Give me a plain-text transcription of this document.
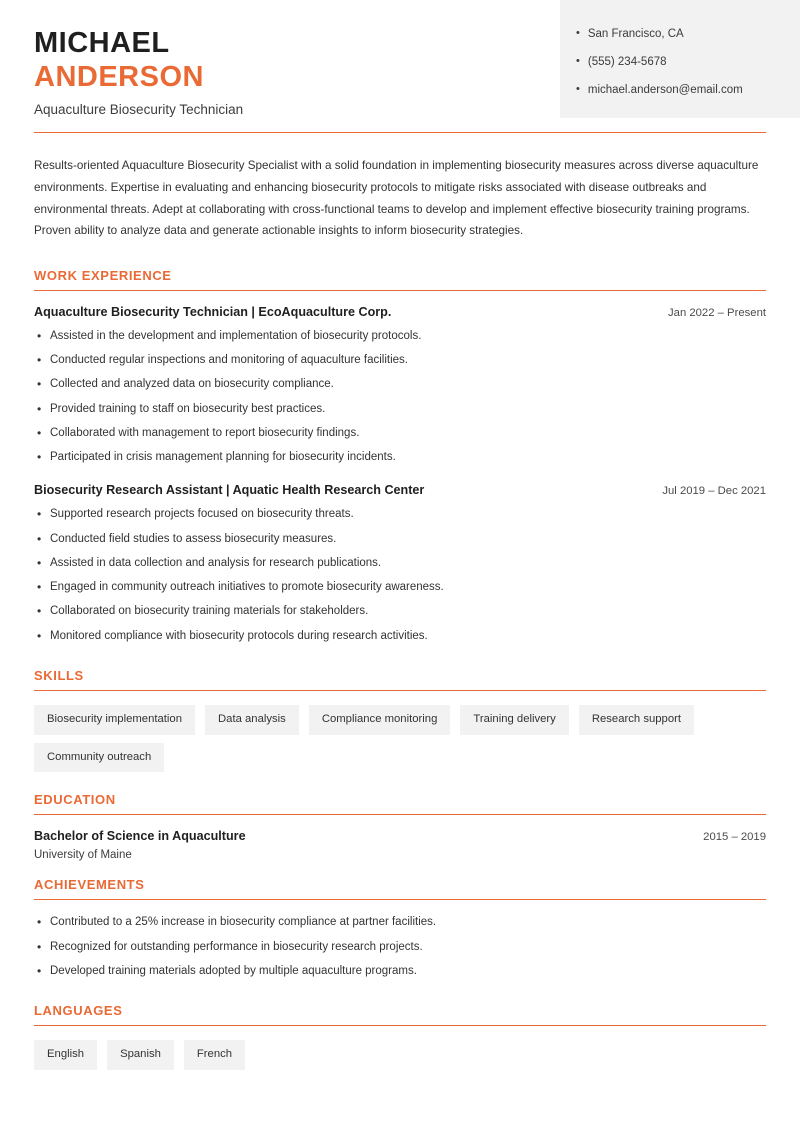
MICHAEL
ANDERSON
Aquaculture Biosecurity Technician
• San Francisco, CA
• (555) 234-5678
• michael.anderson@email.com
Results-oriented Aquaculture Biosecurity Specialist with a solid foundation in implementing biosecurity measures across diverse aquaculture environments. Expertise in evaluating and enhancing biosecurity protocols to mitigate risks associated with disease outbreaks and environmental threats. Adept at collaborating with cross-functional teams to develop and implement effective biosecurity training programs. Proven ability to analyze data and generate actionable insights to inform biosecurity strategies.
WORK EXPERIENCE
Aquaculture Biosecurity Technician | EcoAquaculture Corp.	Jan 2022 – Present
• Assisted in the development and implementation of biosecurity protocols.
• Conducted regular inspections and monitoring of aquaculture facilities.
• Collected and analyzed data on biosecurity compliance.
• Provided training to staff on biosecurity best practices.
• Collaborated with management to report biosecurity findings.
• Participated in crisis management planning for biosecurity incidents.
Biosecurity Research Assistant | Aquatic Health Research Center	Jul 2019 – Dec 2021
• Supported research projects focused on biosecurity threats.
• Conducted field studies to assess biosecurity measures.
• Assisted in data collection and analysis for research publications.
• Engaged in community outreach initiatives to promote biosecurity awareness.
• Collaborated on biosecurity training materials for stakeholders.
• Monitored compliance with biosecurity protocols during research activities.
SKILLS
Biosecurity implementation	Data analysis	Compliance monitoring	Training delivery	Research support
Community outreach
EDUCATION
Bachelor of Science in Aquaculture	2015 – 2019
University of Maine
ACHIEVEMENTS
• Contributed to a 25% increase in biosecurity compliance at partner facilities.
• Recognized for outstanding performance in biosecurity research projects.
• Developed training materials adopted by multiple aquaculture programs.
LANGUAGES
English	Spanish	French
